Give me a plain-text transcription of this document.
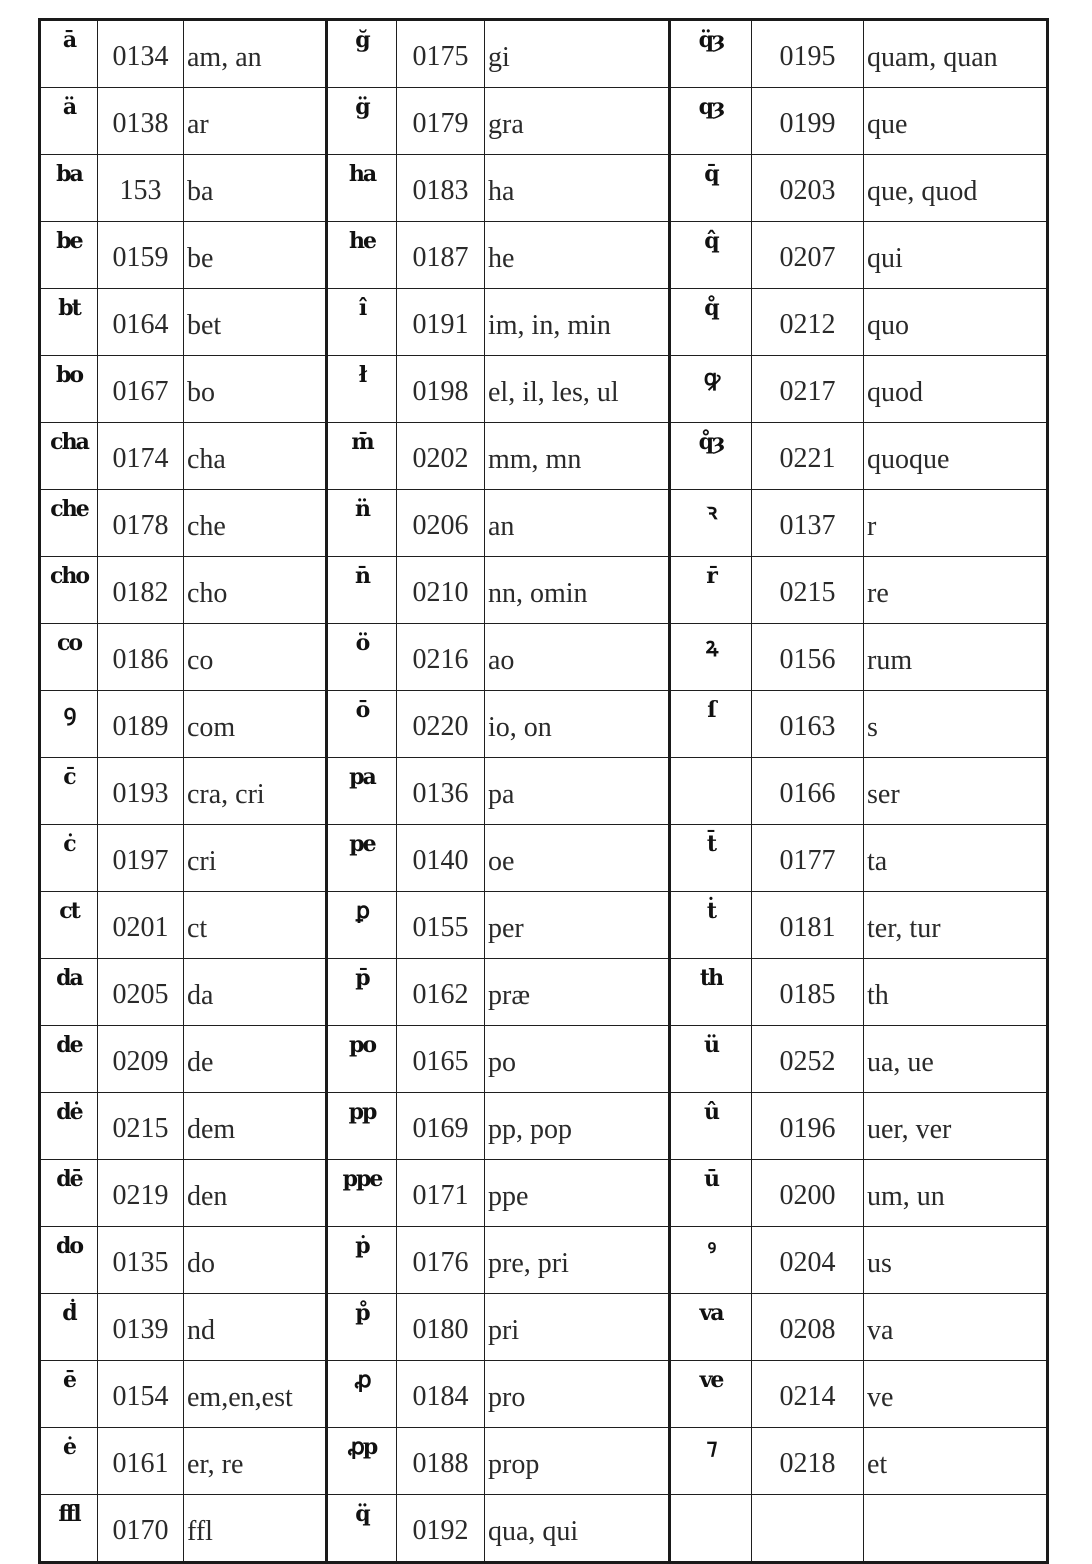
ā	0134	am, an	ğ	0175	gi	q̈ȝ	0195	quam, quan
ä	0138	ar	g̈	0179	gra	qȝ	0199	que
ba	153	ba	ha	0183	ha	q̄	0203	que, quod
be	0159	be	he	0187	he	q̂	0207	qui
bt	0164	bet	î	0191	im, in, min	q̊	0212	quo
bo	0167	bo	ł	0198	el, il, les, ul	ꝙ	0217	quod
cha	0174	cha	m̄	0202	mm, mn	q̊ȝ	0221	quoque
che	0178	che	n̈	0206	an	ꝛ	0137	r
cho	0182	cho	n̄	0210	nn, omin	r̄	0215	re
co	0186	co	ö	0216	ao	ꝝ	0156	rum
ꝯ	0189	com	ō	0220	io, on	ſ	0163	s
c̄	0193	cra, cri	pa	0136	pa		0166	ser
ċ	0197	cri	pe	0140	oe	t̄	0177	ta
ct	0201	ct	ꝑ	0155	per	ṫ	0181	ter, tur
da	0205	da	p̄	0162	præ	th	0185	th
de	0209	de	po	0165	po	ü	0252	ua, ue
dė	0215	dem	pp	0169	pp, pop	û	0196	uer, ver
dē	0219	den	ppe	0171	ppe	ū	0200	um, un
do	0135	do	ṗ	0176	pre, pri	ꝰ	0204	us
ḋ	0139	nd	p̊	0180	pri	va	0208	va
ē	0154	em,en,est	ꝓ	0184	pro	ve	0214	ve
ė	0161	er, re	ꝓp	0188	prop	⁊	0218	et
ffl	0170	ffl	q̈	0192	qua, qui			
